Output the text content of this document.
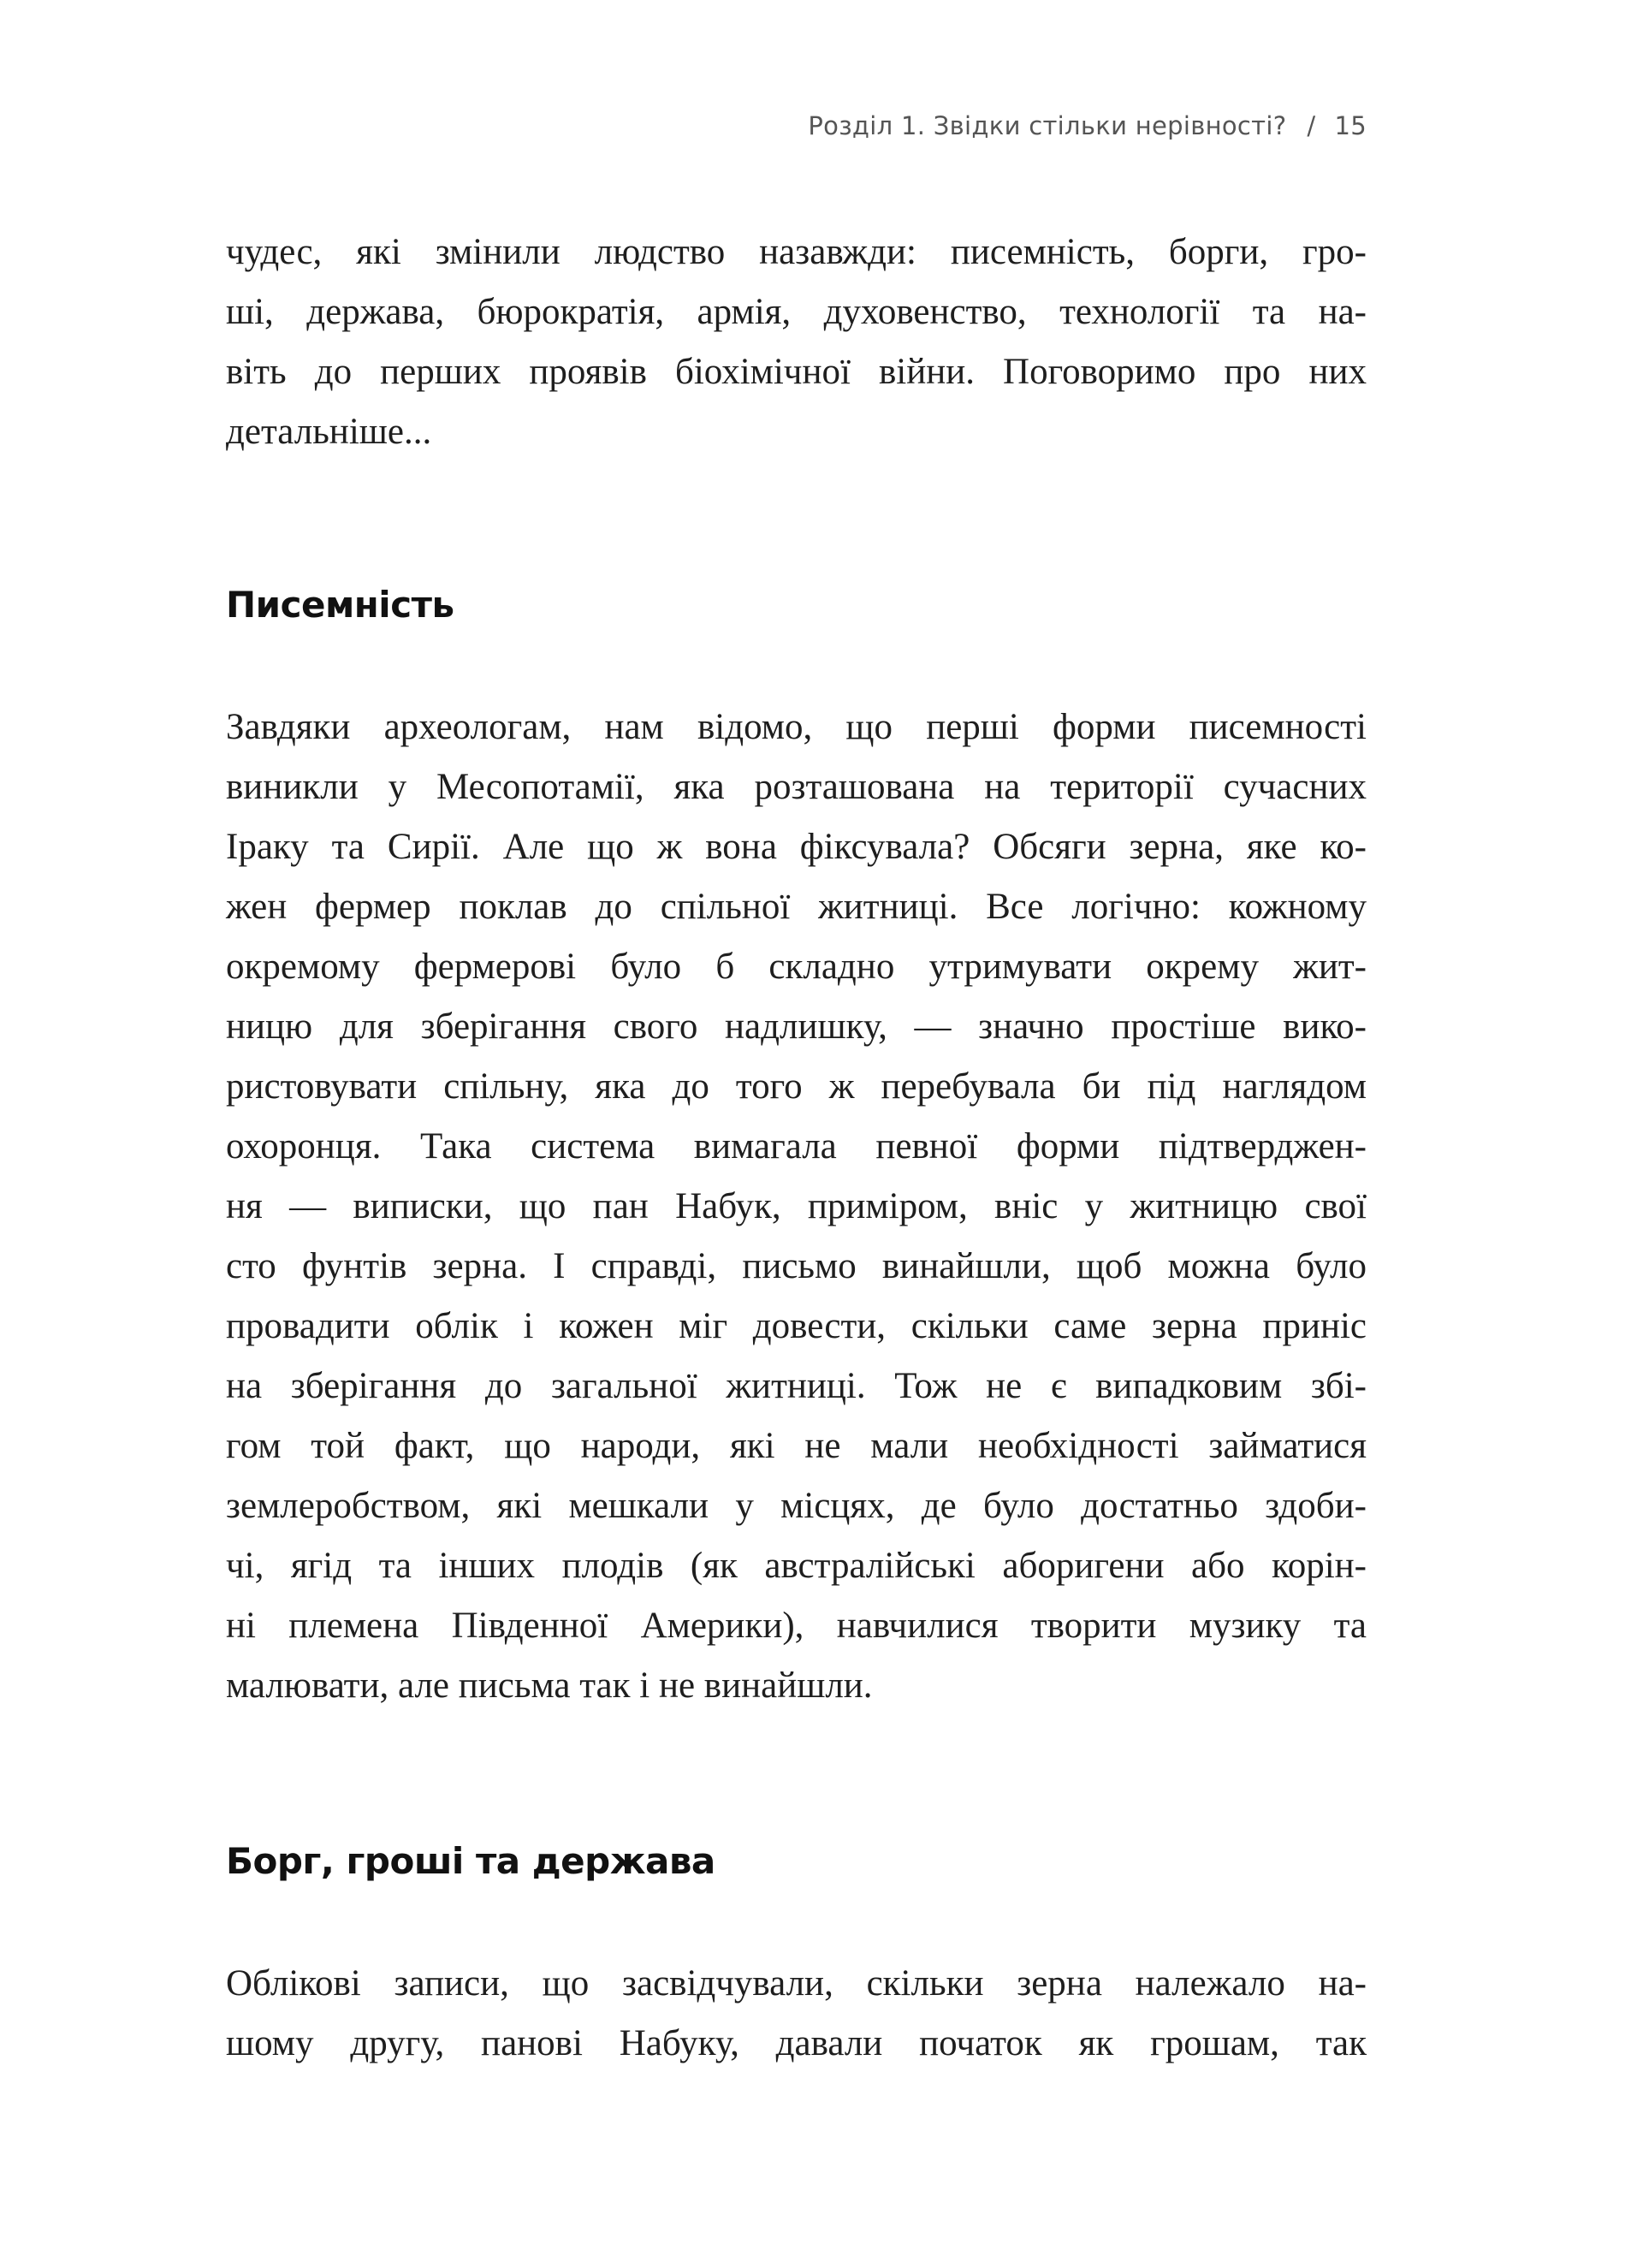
Розділ 1. Звідки стільки нерівності? / 15
чудес, які змінили людство назавжди: писемність, борги, гро-
ші, держава, бюрократія, армія, духовенство, технології та на-
віть до перших проявів біохімічної війни. Поговоримо про них
детальніше...
Писемність
Завдяки археологам, нам відомо, що перші форми писемності
виникли у Месопотамії, яка розташована на території сучасних
Іраку та Сирії. Але що ж вона фіксувала? Обсяги зерна, яке ко-
жен фермер поклав до спільної житниці. Все логічно: кожному
окремому фермерові було б складно утримувати окрему жит-
ницю для зберігання свого надлишку, — значно простіше вико-
ристовувати спільну, яка до того ж перебувала би під наглядом
охоронця. Така система вимагала певної форми підтверджен-
ня — виписки, що пан Набук, приміром, вніс у житницю свої
сто фунтів зерна. І справді, письмо винайшли, щоб можна було
провадити облік і кожен міг довести, скільки саме зерна приніс
на зберігання до загальної житниці. Тож не є випадковим збі-
гом той факт, що народи, які не мали необхідності займатися
землеробством, які мешкали у місцях, де було достатньо здоби-
чі, ягід та інших плодів (як австралійські аборигени або корін-
ні племена Південної Америки), навчилися творити музику та
малювати, але письма так і не винайшли.
Борг, гроші та держава
Облікові записи, що засвідчували, скільки зерна належало на-
шому другу, панові Набуку, давали початок як грошам, так
